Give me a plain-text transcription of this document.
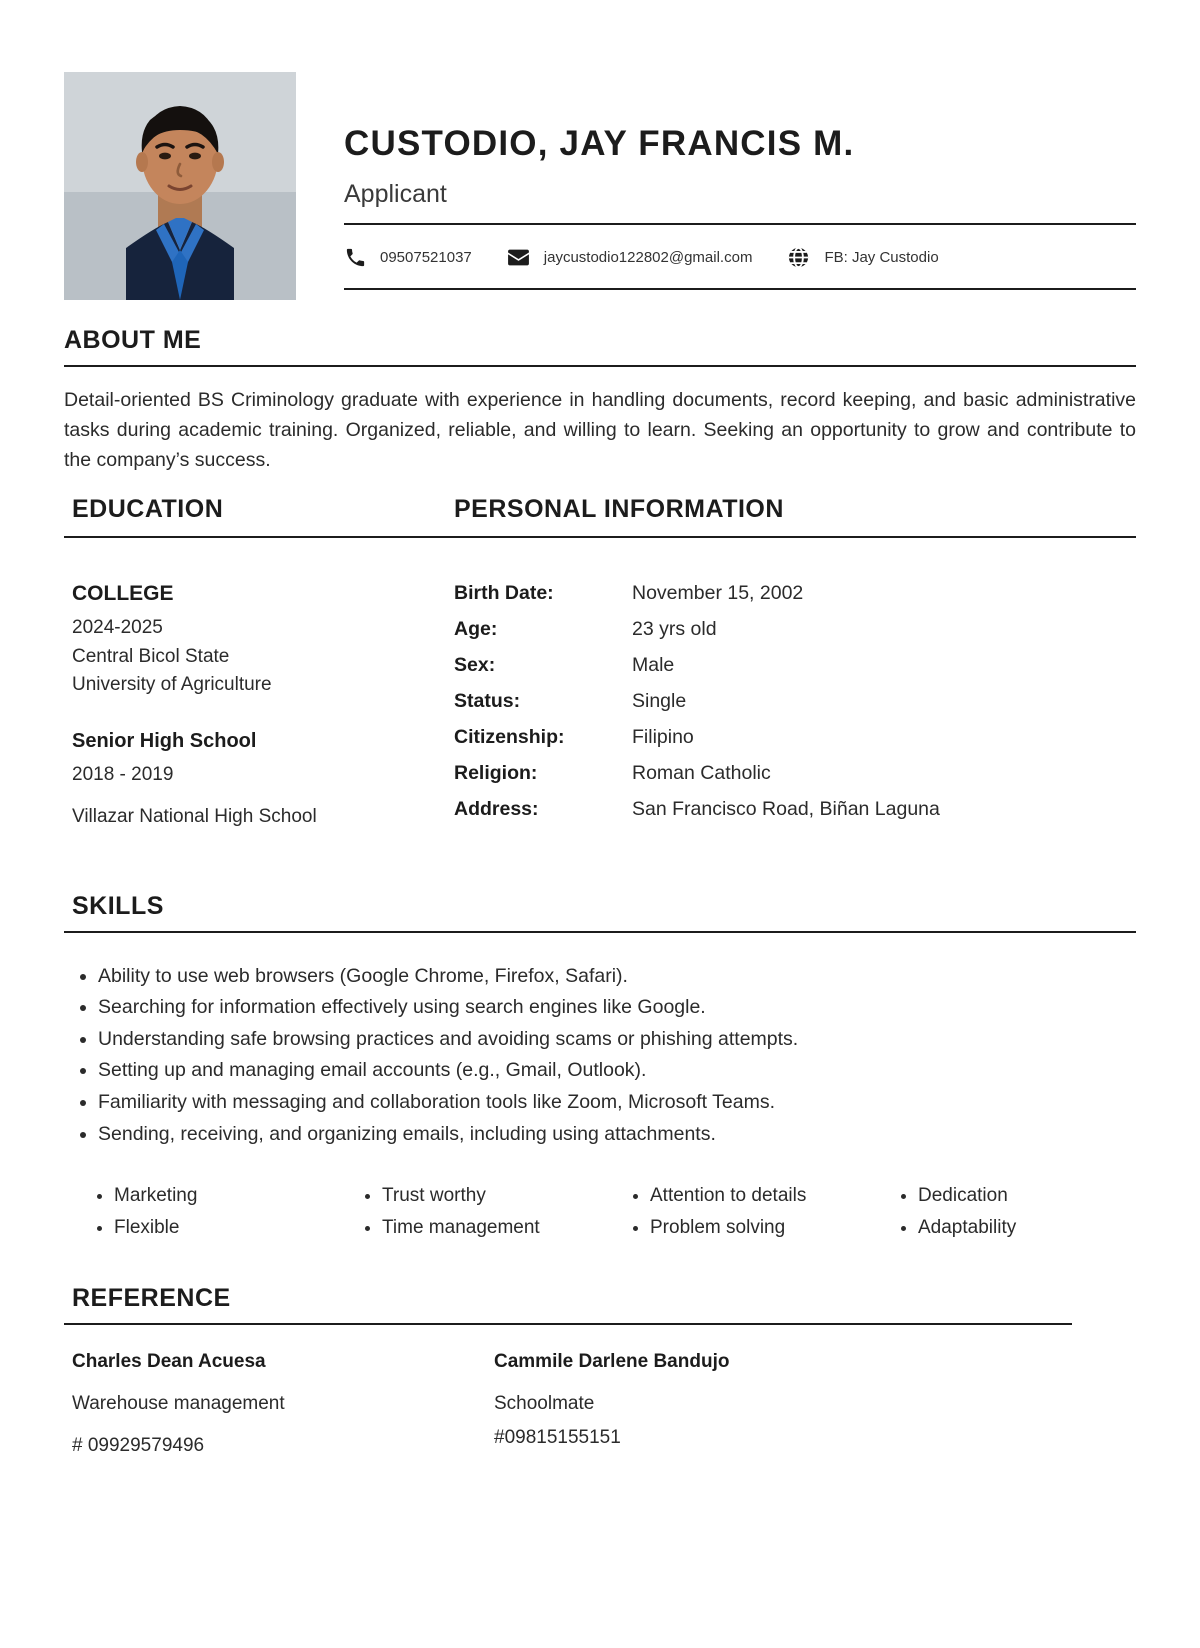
CUSTODIO, JAY FRANCIS M.
Applicant
09507521037	jaycustodio122802@gmail.com	FB: Jay Custodio
ABOUT ME

Detail-oriented BS Criminology graduate with experience in handling documents, record keeping, and basic administrative tasks during academic training. Organized, reliable, and willing to learn. Seeking an opportunity to grow and contribute to the company’s success.

EDUCATION	PERSONAL INFORMATION
COLLEGE
2024-2025
Central Bicol State
University of Agriculture
Senior High School
2018 - 2019
Villazar National High School
Birth Date:	November 15, 2002
Age:	23 yrs old
Sex:	Male
Status:	Single
Citizenship:	Filipino
Religion:	Roman Catholic
Address:	San Francisco Road, Biñan Laguna
SKILLS
• Ability to use web browsers (Google Chrome, Firefox, Safari).
• Searching for information effectively using search engines like Google.
• Understanding safe browsing practices and avoiding scams or phishing attempts.
• Setting up and managing email accounts (e.g., Gmail, Outlook).
• Familiarity with messaging and collaboration tools like Zoom, Microsoft Teams.
• Sending, receiving, and organizing emails, including using attachments.
• Marketing
• Flexible
• Trust worthy
• Time management
• Attention to details
• Problem solving
• Dedication
• Adaptability
REFERENCE
Charles Dean Acuesa
Warehouse management
# 09929579496
Cammile Darlene Bandujo
Schoolmate
#09815155151
